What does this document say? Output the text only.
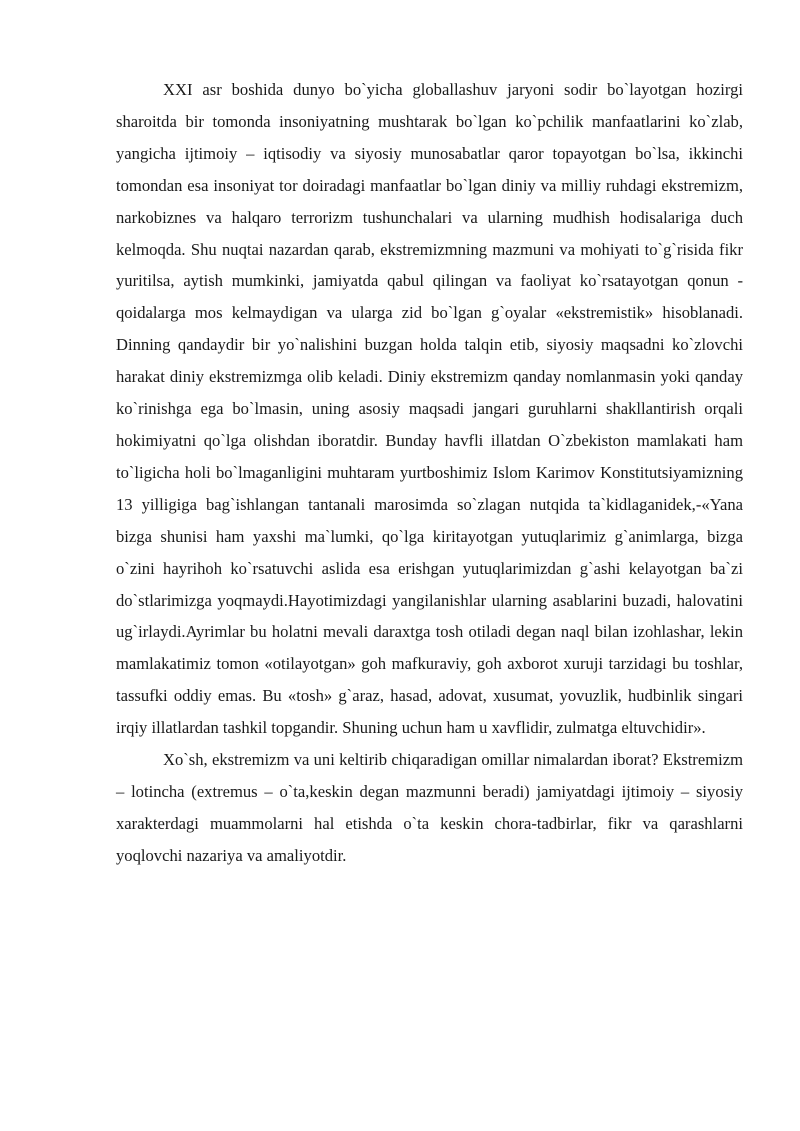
XXI asr boshida dunyo bo`yicha globallashuv jaryoni sodir bo`layotgan hozirgi sharoitda bir tomonda insoniyatning mushtarak bo`lgan ko`pchilik manfaatlarini ko`zlab, yangicha ijtimoiy – iqtisodiy va siyosiy munosabatlar qaror topayotgan bo`lsa, ikkinchi tomondan esa insoniyat tor doiradagi manfaatlar bo`lgan diniy va milliy ruhdagi ekstremizm, narkobiznes va halqaro terrorizm tushunchalari va ularning mudhish hodisalariga duch kelmoqda. Shu nuqtai nazardan qarab, ekstremizmning mazmuni va mohiyati to`g`risida fikr yuritilsa, aytish mumkinki, jamiyatda qabul qilingan va faoliyat ko`rsatayotgan qonun - qoidalarga mos kelmaydigan va ularga zid bo`lgan g`oyalar «ekstremistik» hisoblanadi. Dinning qandaydir bir yo`nalishini buzgan holda talqin etib, siyosiy maqsadni ko`zlovchi harakat diniy ekstremizmga olib keladi. Diniy ekstremizm qanday nomlanmasin yoki qanday ko`rinishga ega bo`lmasin, uning asosiy maqsadi jangari guruhlarni shakllantirish orqali hokimiyatni qo`lga olishdan iboratdir. Bunday havfli illatdan O`zbekiston mamlakati ham to`ligicha holi bo`lmaganligini muhtaram yurtboshimiz Islom Karimov Konstitutsiyamizning 13 yilligiga bag`ishlangan tantanali marosimda so`zlagan nutqida ta`kidlaganidek,-«Yana bizga shunisi ham yaxshi ma`lumki, qo`lga kiritayotgan yutuqlarimiz g`animlarga, bizga o`zini hayrihoh ko`rsatuvchi aslida esa erishgan yutuqlarimizdan g`ashi kelayotgan ba`zi do`stlarimizga yoqmaydi.Hayotimizdagi yangilanishlar ularning asablarini buzadi, halovatini ug`irlaydi.Ayrimlar bu holatni mevali daraxtga tosh otiladi degan naql bilan izohlashar, lekin mamlakatimiz tomon «otilayotgan» goh mafkuraviy, goh axborot xuruji tarzidagi bu toshlar, tassufki oddiy emas. Bu «tosh» g`araz, hasad, adovat, xusumat, yovuzlik, hudbinlik singari irqiy illatlardan tashkil topgandir. Shuning uchun ham u xavflidir, zulmatga eltuvchidir».

Xo`sh, ekstremizm va uni keltirib chiqaradigan omillar nimalardan iborat? Ekstremizm – lotincha (extremus – o`ta,keskin degan mazmunni beradi) jamiyatdagi ijtimoiy – siyosiy xarakterdagi muammolarni hal etishda o`ta keskin chora-tadbirlar, fikr va qarashlarni yoqlovchi nazariya va amaliyotdir.
